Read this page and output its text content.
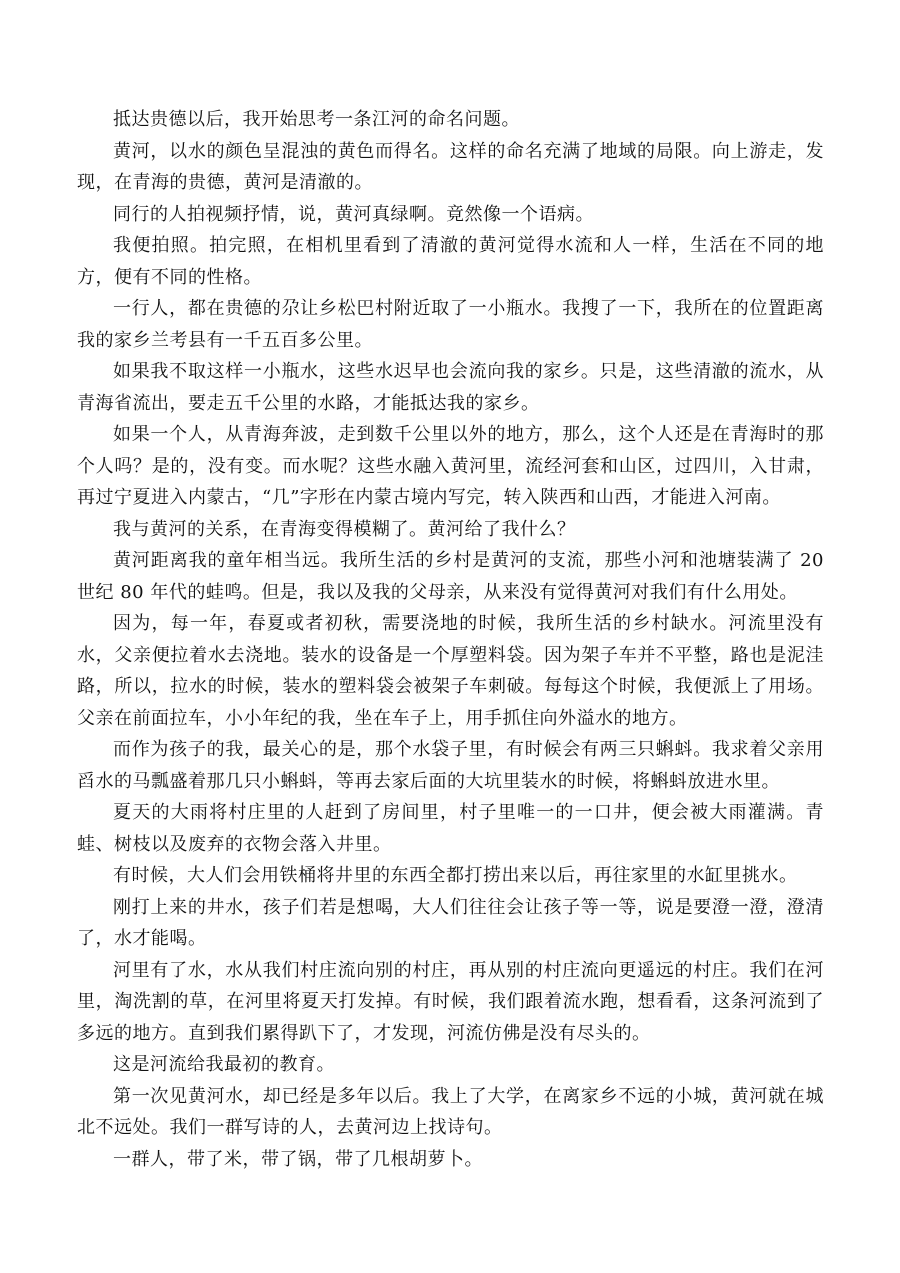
抵达贵德以后，我开始思考一条江河的命名问题。

黄河，以水的颜色呈混浊的黄色而得名。这样的命名充满了地域的局限。向上游走，发现，在青海的贵德，黄河是清澈的。

同行的人拍视频抒情，说，黄河真绿啊。竟然像一个语病。

我便拍照。拍完照，在相机里看到了清澈的黄河觉得水流和人一样，生活在不同的地方，便有不同的性格。

一行人，都在贵德的尕让乡松巴村附近取了一小瓶水。我搜了一下，我所在的位置距离我的家乡兰考县有一千五百多公里。

如果我不取这样一小瓶水，这些水迟早也会流向我的家乡。只是，这些清澈的流水，从青海省流出，要走五千公里的水路，才能抵达我的家乡。

如果一个人，从青海奔波，走到数千公里以外的地方，那么，这个人还是在青海时的那个人吗？是的，没有变。而水呢？这些水融入黄河里，流经河套和山区，过四川，入甘肃，再过宁夏进入内蒙古，“几”字形在内蒙古境内写完，转入陕西和山西，才能进入河南。

我与黄河的关系，在青海变得模糊了。黄河给了我什么？

黄河距离我的童年相当远。我所生活的乡村是黄河的支流，那些小河和池塘装满了 20 世纪 80 年代的蛙鸣。但是，我以及我的父母亲，从来没有觉得黄河对我们有什么用处。

因为，每一年，春夏或者初秋，需要浇地的时候，我所生活的乡村缺水。河流里没有水，父亲便拉着水去浇地。装水的设备是一个厚塑料袋。因为架子车并不平整，路也是泥洼路，所以，拉水的时候，装水的塑料袋会被架子车刺破。每每这个时候，我便派上了用场。父亲在前面拉车，小小年纪的我，坐在车子上，用手抓住向外溢水的地方。

而作为孩子的我，最关心的是，那个水袋子里，有时候会有两三只蝌蚪。我求着父亲用舀水的马瓢盛着那几只小蝌蚪，等再去家后面的大坑里装水的时候，将蝌蚪放进水里。

夏天的大雨将村庄里的人赶到了房间里，村子里唯一的一口井，便会被大雨灌满。青蛙、树枝以及废弃的衣物会落入井里。

有时候，大人们会用铁桶将井里的东西全都打捞出来以后，再往家里的水缸里挑水。

刚打上来的井水，孩子们若是想喝，大人们往往会让孩子等一等，说是要澄一澄，澄清了，水才能喝。

河里有了水，水从我们村庄流向别的村庄，再从别的村庄流向更遥远的村庄。我们在河里，淘洗割的草，在河里将夏天打发掉。有时候，我们跟着流水跑，想看看，这条河流到了多远的地方。直到我们累得趴下了，才发现，河流仿佛是没有尽头的。

这是河流给我最初的教育。

第一次见黄河水，却已经是多年以后。我上了大学，在离家乡不远的小城，黄河就在城北不远处。我们一群写诗的人，去黄河边上找诗句。

一群人，带了米，带了锅，带了几根胡萝卜。
